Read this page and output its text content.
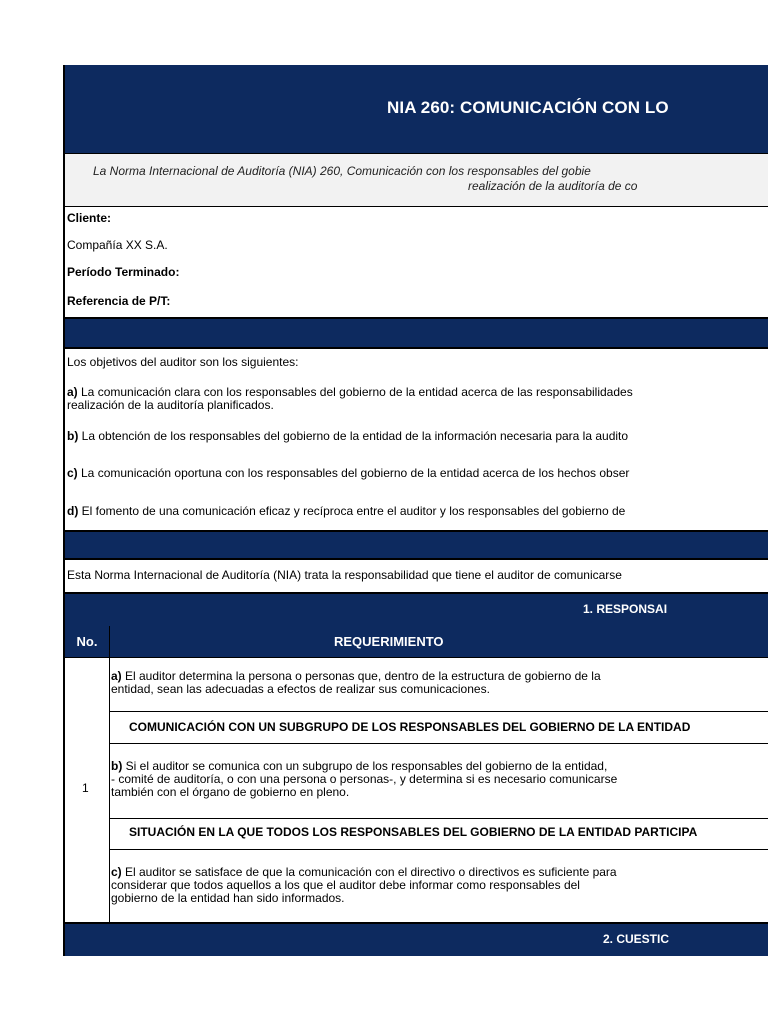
NIA 260: COMUNICACIÓN CON LO
La Norma Internacional de Auditoría (NIA) 260, Comunicación con los responsables del gobie
realización de la auditoría de co
Cliente:
Compañía XX S.A.
Período Terminado:
Referencia de P/T:
Los objetivos del auditor son los siguientes:
a) La comunicación clara con los responsables del gobierno de la entidad acerca de las responsabilidades
realización de la auditoría planificados.
b) La obtención de los responsables del gobierno de la entidad de la información necesaria para la audito
c) La comunicación oportuna con los responsables del gobierno de la entidad acerca de los hechos obser
d) El fomento de una comunicación eficaz y recíproca entre el auditor y los responsables del gobierno de
Esta Norma Internacional de Auditoría (NIA) trata la responsabilidad que tiene el auditor de comunicarse
1. RESPONSAI
No.	REQUERIMIENTO
1
a) El auditor determina la persona o personas que, dentro de la estructura de gobierno de la
entidad, sean las adecuadas a efectos de realizar sus comunicaciones.
COMUNICACIÓN CON UN SUBGRUPO DE LOS RESPONSABLES DEL GOBIERNO DE LA ENTIDAD
b) Si el auditor se comunica con un subgrupo de los responsables del gobierno de la entidad,
- comité de auditoría, o con una persona o personas-, y determina si es necesario comunicarse
también con el órgano de gobierno en pleno.
SITUACIÓN EN LA QUE TODOS LOS RESPONSABLES DEL GOBIERNO DE LA ENTIDAD PARTICIPA
c) El auditor se satisface de que la comunicación con el directivo o directivos es suficiente para
considerar que todos aquellos a los que el auditor debe informar como responsables del
gobierno de la entidad han sido informados.
2. CUESTIC
